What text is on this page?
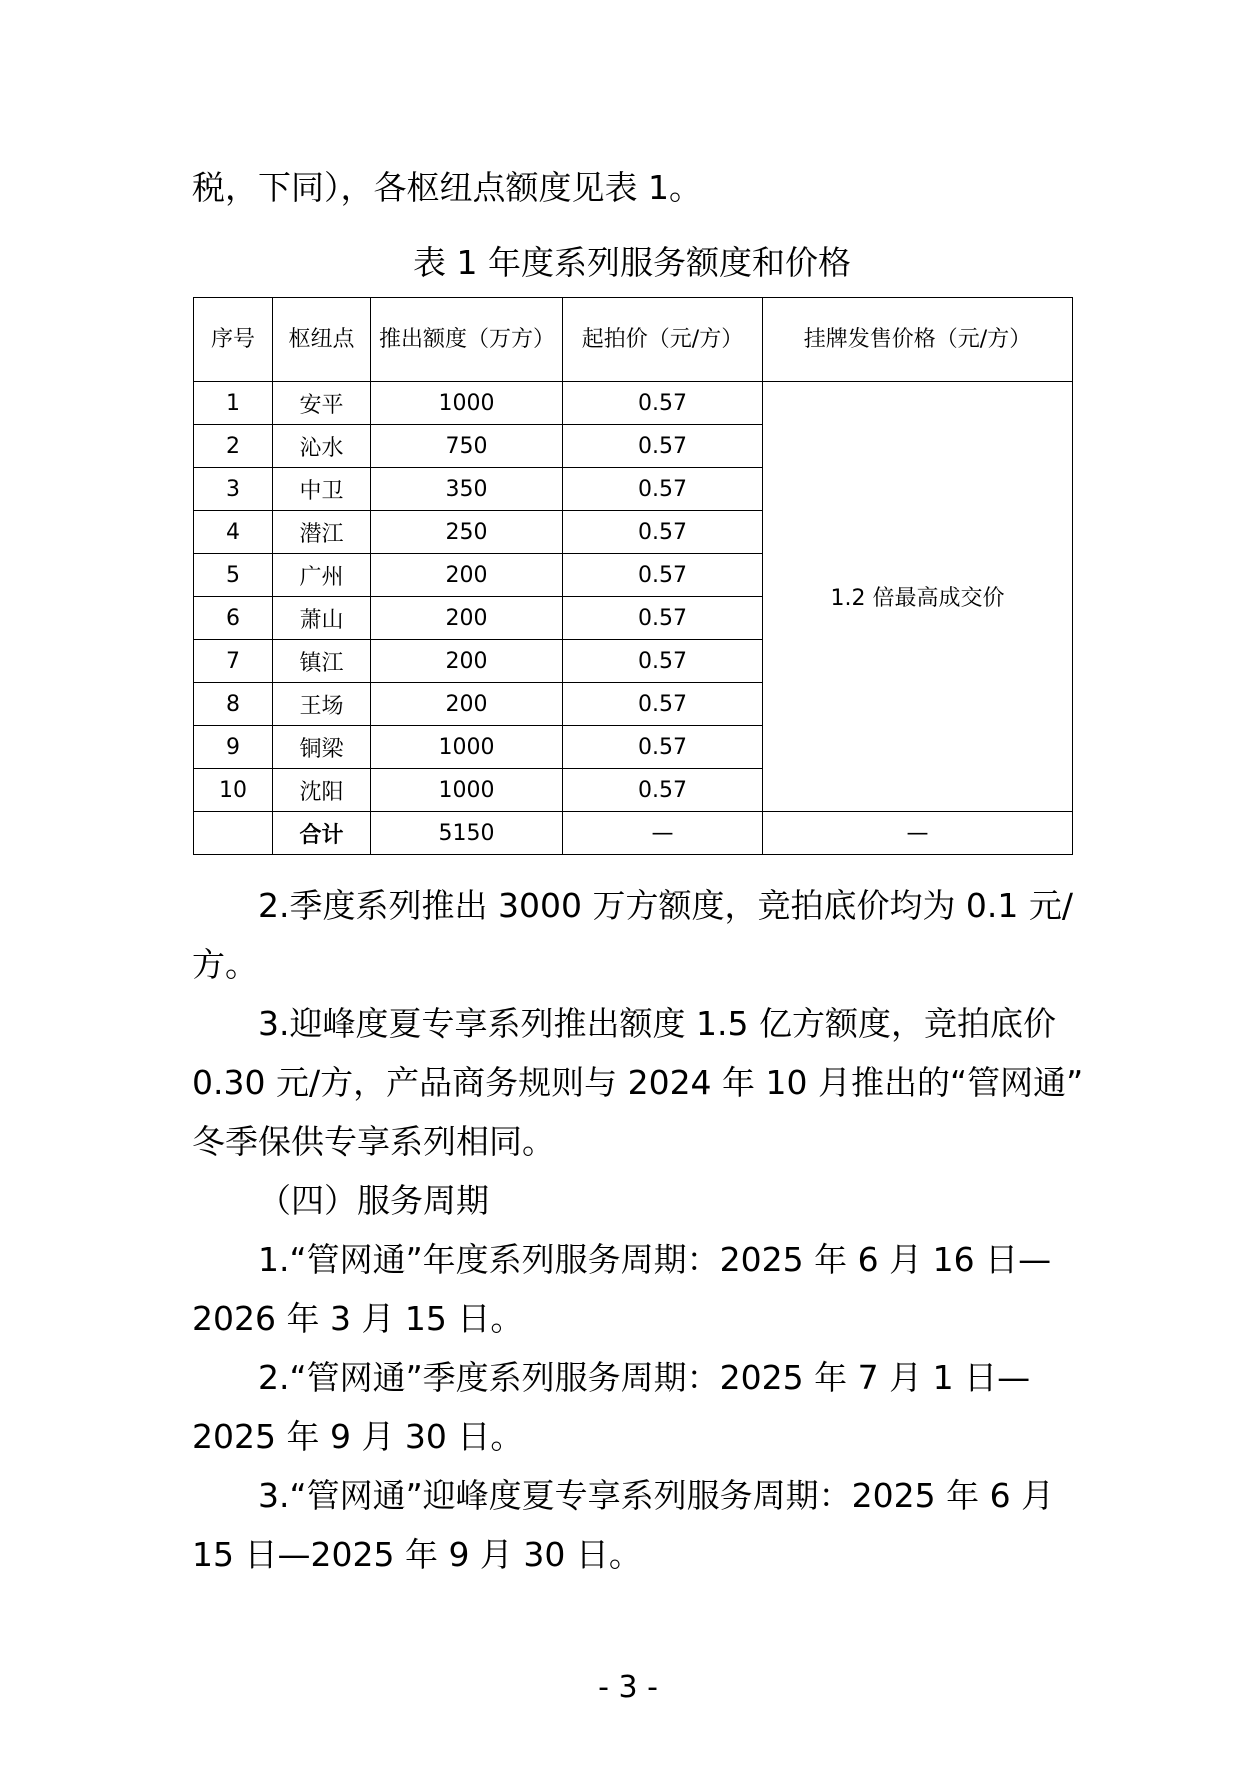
税，下同），各枢纽点额度见表 1。

表 1 年度系列服务额度和价格

序号	枢纽点	推出额度（万方）	起拍价（元/方）	挂牌发售价格（元/方）
1	安平	1000	0.57	1.2 倍最高成交价
2	沁水	750	0.57	
3	中卫	350	0.57	
4	潜江	250	0.57	
5	广州	200	0.57	
6	萧山	200	0.57	
7	镇江	200	0.57	
8	王场	200	0.57	
9	铜梁	1000	0.57	
10	沈阳	1000	0.57	
	合计	5150	—	—

2.季度系列推出 3000 万方额度，竞拍底价均为 0.1 元/

方。

3.迎峰度夏专享系列推出额度 1.5 亿方额度，竞拍底价

0.30 元/方，产品商务规则与 2024 年 10 月推出的“管网通”

冬季保供专享系列相同。

（四）服务周期

1.“管网通”年度系列服务周期：2025 年 6 月 16 日—

2026 年 3 月 15 日。

2.“管网通”季度系列服务周期：2025 年 7 月 1 日—

2025 年 9 月 30 日。

3.“管网通”迎峰度夏专享系列服务周期：2025 年 6 月

15 日—2025 年 9 月 30 日。

- 3 -
